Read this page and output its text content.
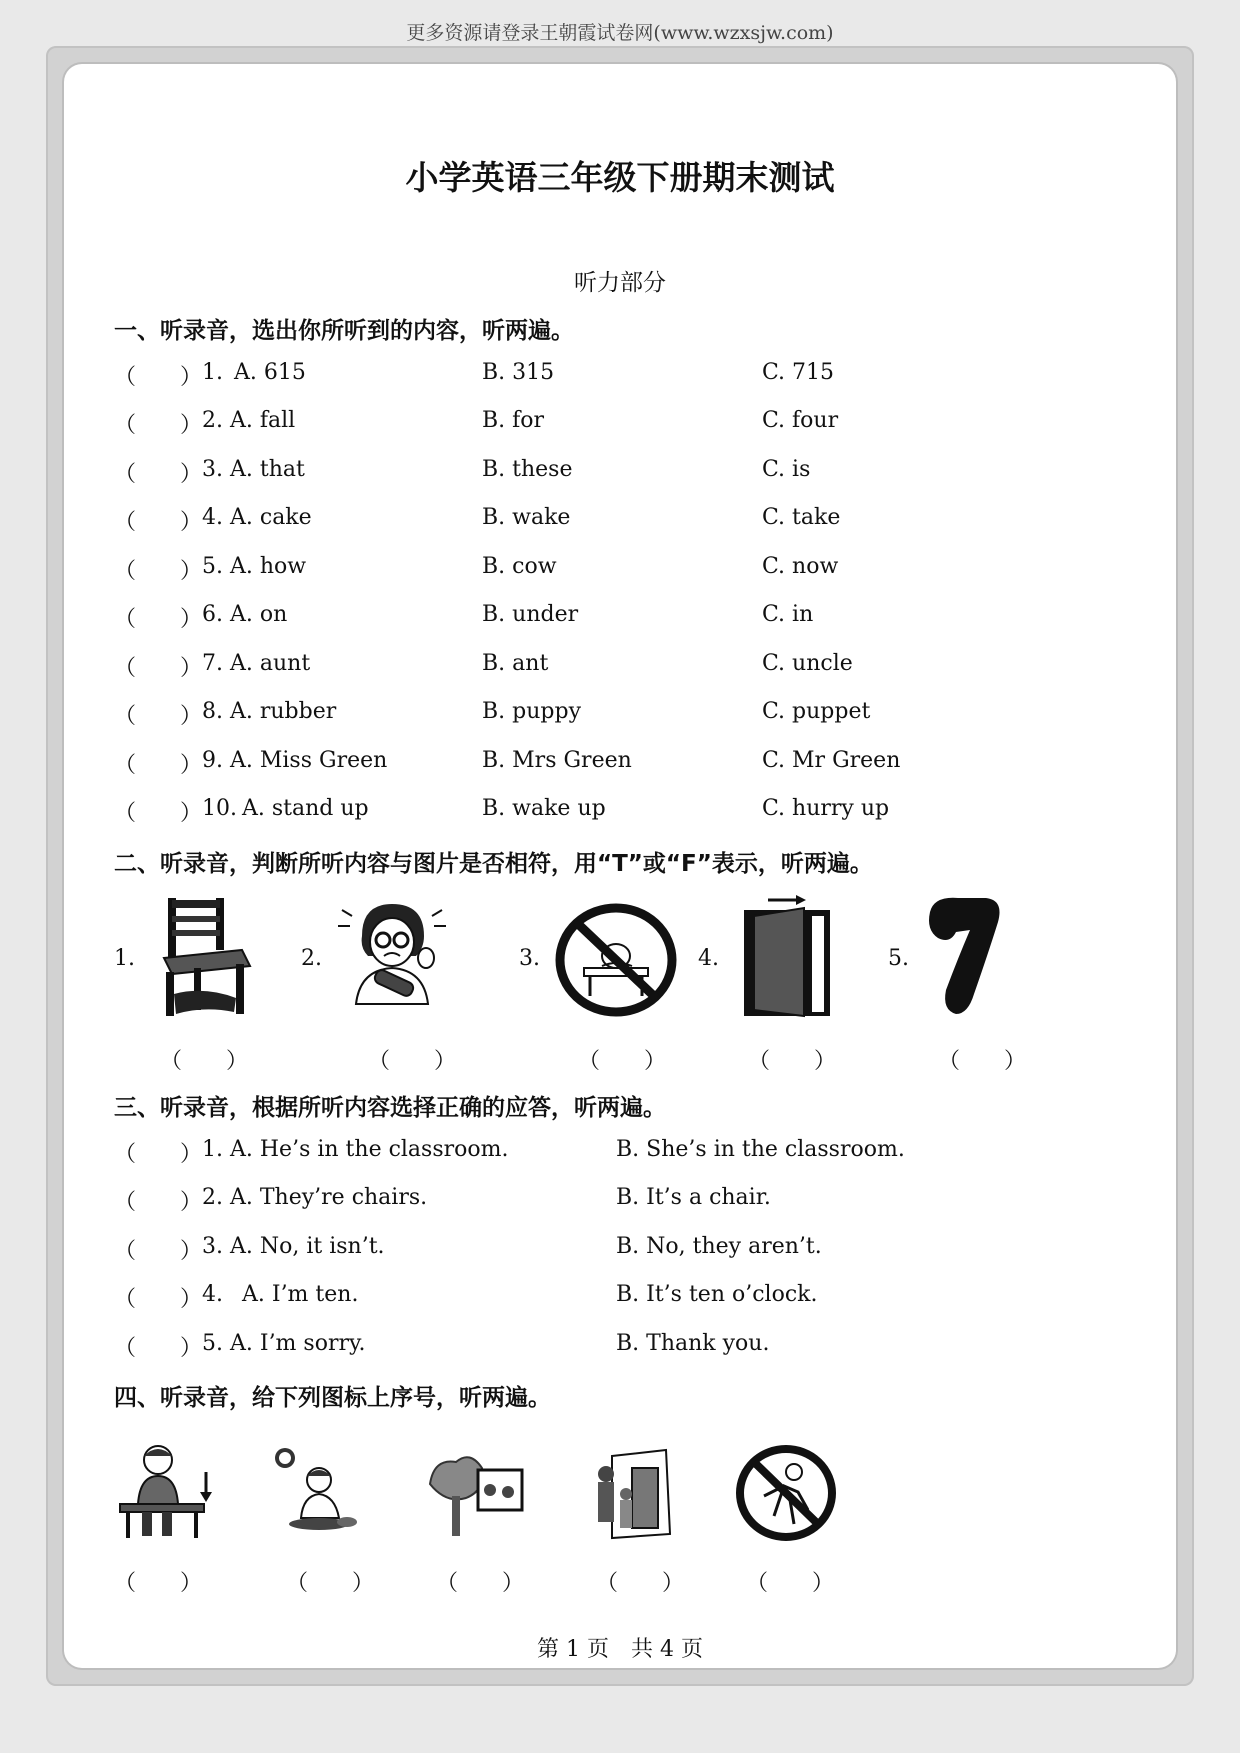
更多资源请登录王朝霞试卷网(www.wzxsjw.com)
小学英语三年级下册期末测试
听力部分
一、听录音，选出你所听到的内容，听两遍。
（　　） 1. A. 615	B. 315	C. 715
（　　） 2. A. fall	B. for	C. four
（　　） 3. A. that	B. these	C. is
（　　） 4. A. cake	B. wake	C. take
（　　） 5. A. how	B. cow	C. now
（　　） 6. A. on	B. under	C. in
（　　） 7. A. aunt	B. ant	C. uncle
（　　） 8. A. rubber	B. puppy	C. puppet
（　　） 9. A. Miss Green	B. Mrs Green	C. Mr Green
（　　） 10. A. stand up	B. wake up	C. hurry up
二、听录音，判断所听内容与图片是否相符，用“T”或“F”表示，听两遍。
1.	2.	3.	4.	5.
（　　）	（　　）	（　　）	（　　）	（　　）
三、听录音，根据所听内容选择正确的应答，听两遍。
（　　） 1. A. He’s in the classroom.	B. She’s in the classroom.
（　　） 2. A. They’re chairs.	B. It’s a chair.
（　　） 3. A. No, it isn’t.	B. No, they aren’t.
（　　） 4. A. I’m ten.	B. It’s ten o’clock.
（　　） 5. A. I’m sorry.	B. Thank you.
四、听录音，给下列图标上序号，听两遍。
（　　）	（　　）	（　　）	（　　）	（　　）
第 1 页　共 4 页
